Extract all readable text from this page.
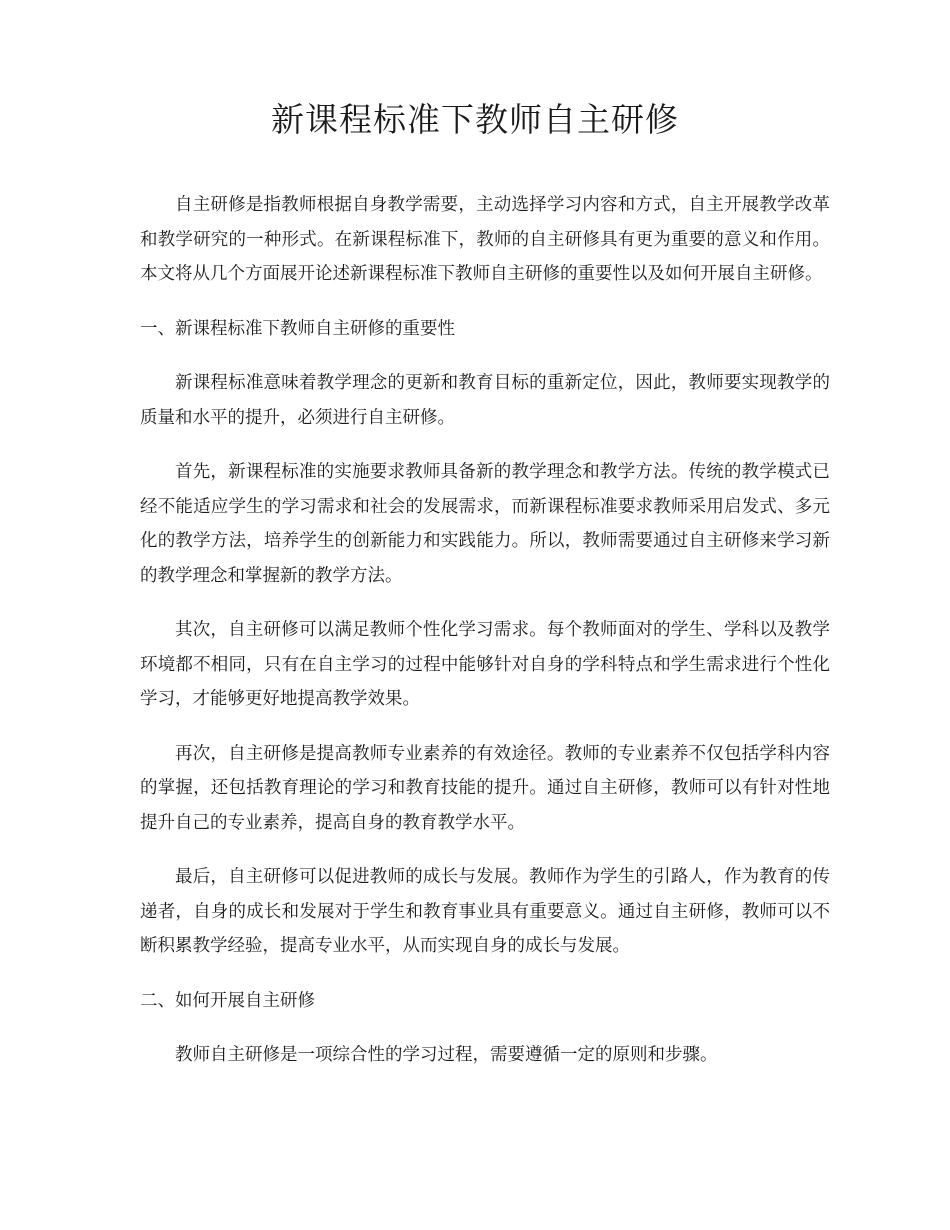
新课程标准下教师自主研修

自主研修是指教师根据自身教学需要，主动选择学习内容和方式，自主开展教学改革和教学研究的一种形式。在新课程标准下，教师的自主研修具有更为重要的意义和作用。本文将从几个方面展开论述新课程标准下教师自主研修的重要性以及如何开展自主研修。

一、新课程标准下教师自主研修的重要性

新课程标准意味着教学理念的更新和教育目标的重新定位，因此，教师要实现教学的质量和水平的提升，必须进行自主研修。

首先，新课程标准的实施要求教师具备新的教学理念和教学方法。传统的教学模式已经不能适应学生的学习需求和社会的发展需求，而新课程标准要求教师采用启发式、多元化的教学方法，培养学生的创新能力和实践能力。所以，教师需要通过自主研修来学习新的教学理念和掌握新的教学方法。

其次，自主研修可以满足教师个性化学习需求。每个教师面对的学生、学科以及教学环境都不相同，只有在自主学习的过程中能够针对自身的学科特点和学生需求进行个性化学习，才能够更好地提高教学效果。

再次，自主研修是提高教师专业素养的有效途径。教师的专业素养不仅包括学科内容的掌握，还包括教育理论的学习和教育技能的提升。通过自主研修，教师可以有针对性地提升自己的专业素养，提高自身的教育教学水平。

最后，自主研修可以促进教师的成长与发展。教师作为学生的引路人，作为教育的传递者，自身的成长和发展对于学生和教育事业具有重要意义。通过自主研修，教师可以不断积累教学经验，提高专业水平，从而实现自身的成长与发展。

二、如何开展自主研修

教师自主研修是一项综合性的学习过程，需要遵循一定的原则和步骤。
